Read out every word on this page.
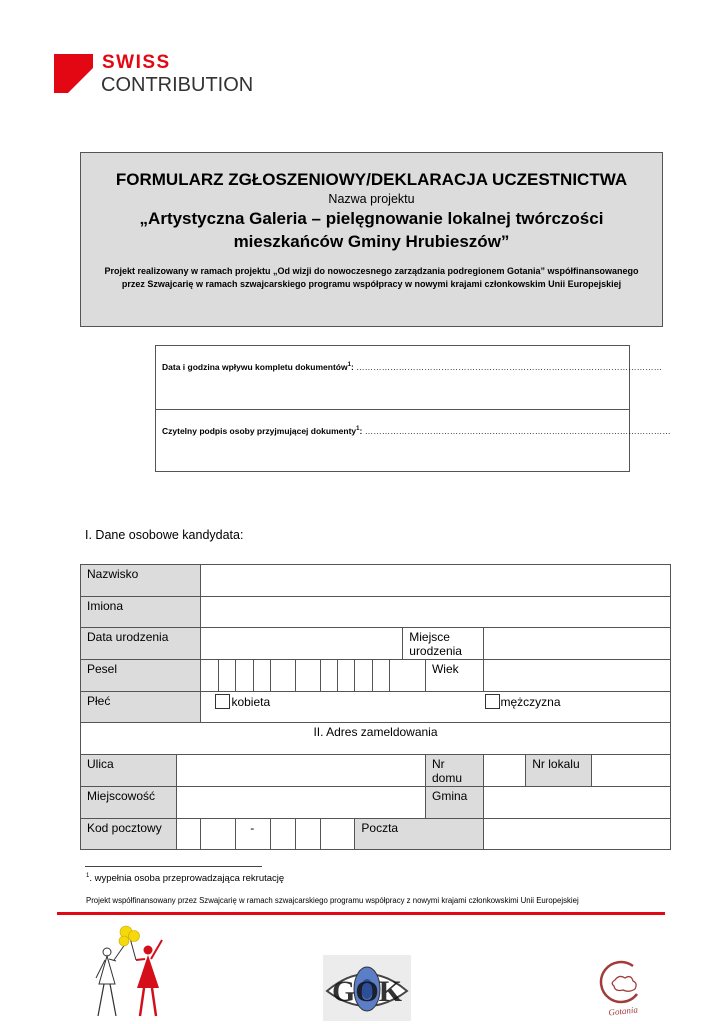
SWISS
CONTRIBUTION
FORMULARZ ZGŁOSZENIOWY/DEKLARACJA UCZESTNICTWA
Nazwa projektu
„Artystyczna Galeria – pielęgnowanie lokalnej twórczości
mieszkańców Gminy Hrubieszów”
Projekt realizowany w ramach projektu „Od wizji do nowoczesnego zarządzania podregionem Gotania” współfinansowanego
przez Szwajcarię w ramach szwajcarskiego programu współpracy w nowymi krajami członkowskim Unii Europejskiej
Data i godzina wpływu kompletu dokumentów$^1$: ………………………………………………………………………………………………
Czytelny podpis osoby przyjmującej dokumenty$^1$: ………………………………………………………………………………………………
I. Dane osobowe kandydata:
Nazwisko																	
Imiona																	
Data urodzenia													Miejsce urodzenia				
Pesel														Wiek			
Płeć		kobieta mężczyzna															

II. Adres zameldowania																	
Ulica														Nr domu		Nr lokalu	
Miejscowość														Gmina			
Kod pocztowy				-						Poczta							
$^1$. wypełnia osoba przeprowadzająca rekrutację
Projekt współfinansowany przez Szwajcarię w ramach szwajcarskiego programu współpracy z nowymi krajami członkowskimi Unii Europejskiej
GOK
Gotania
